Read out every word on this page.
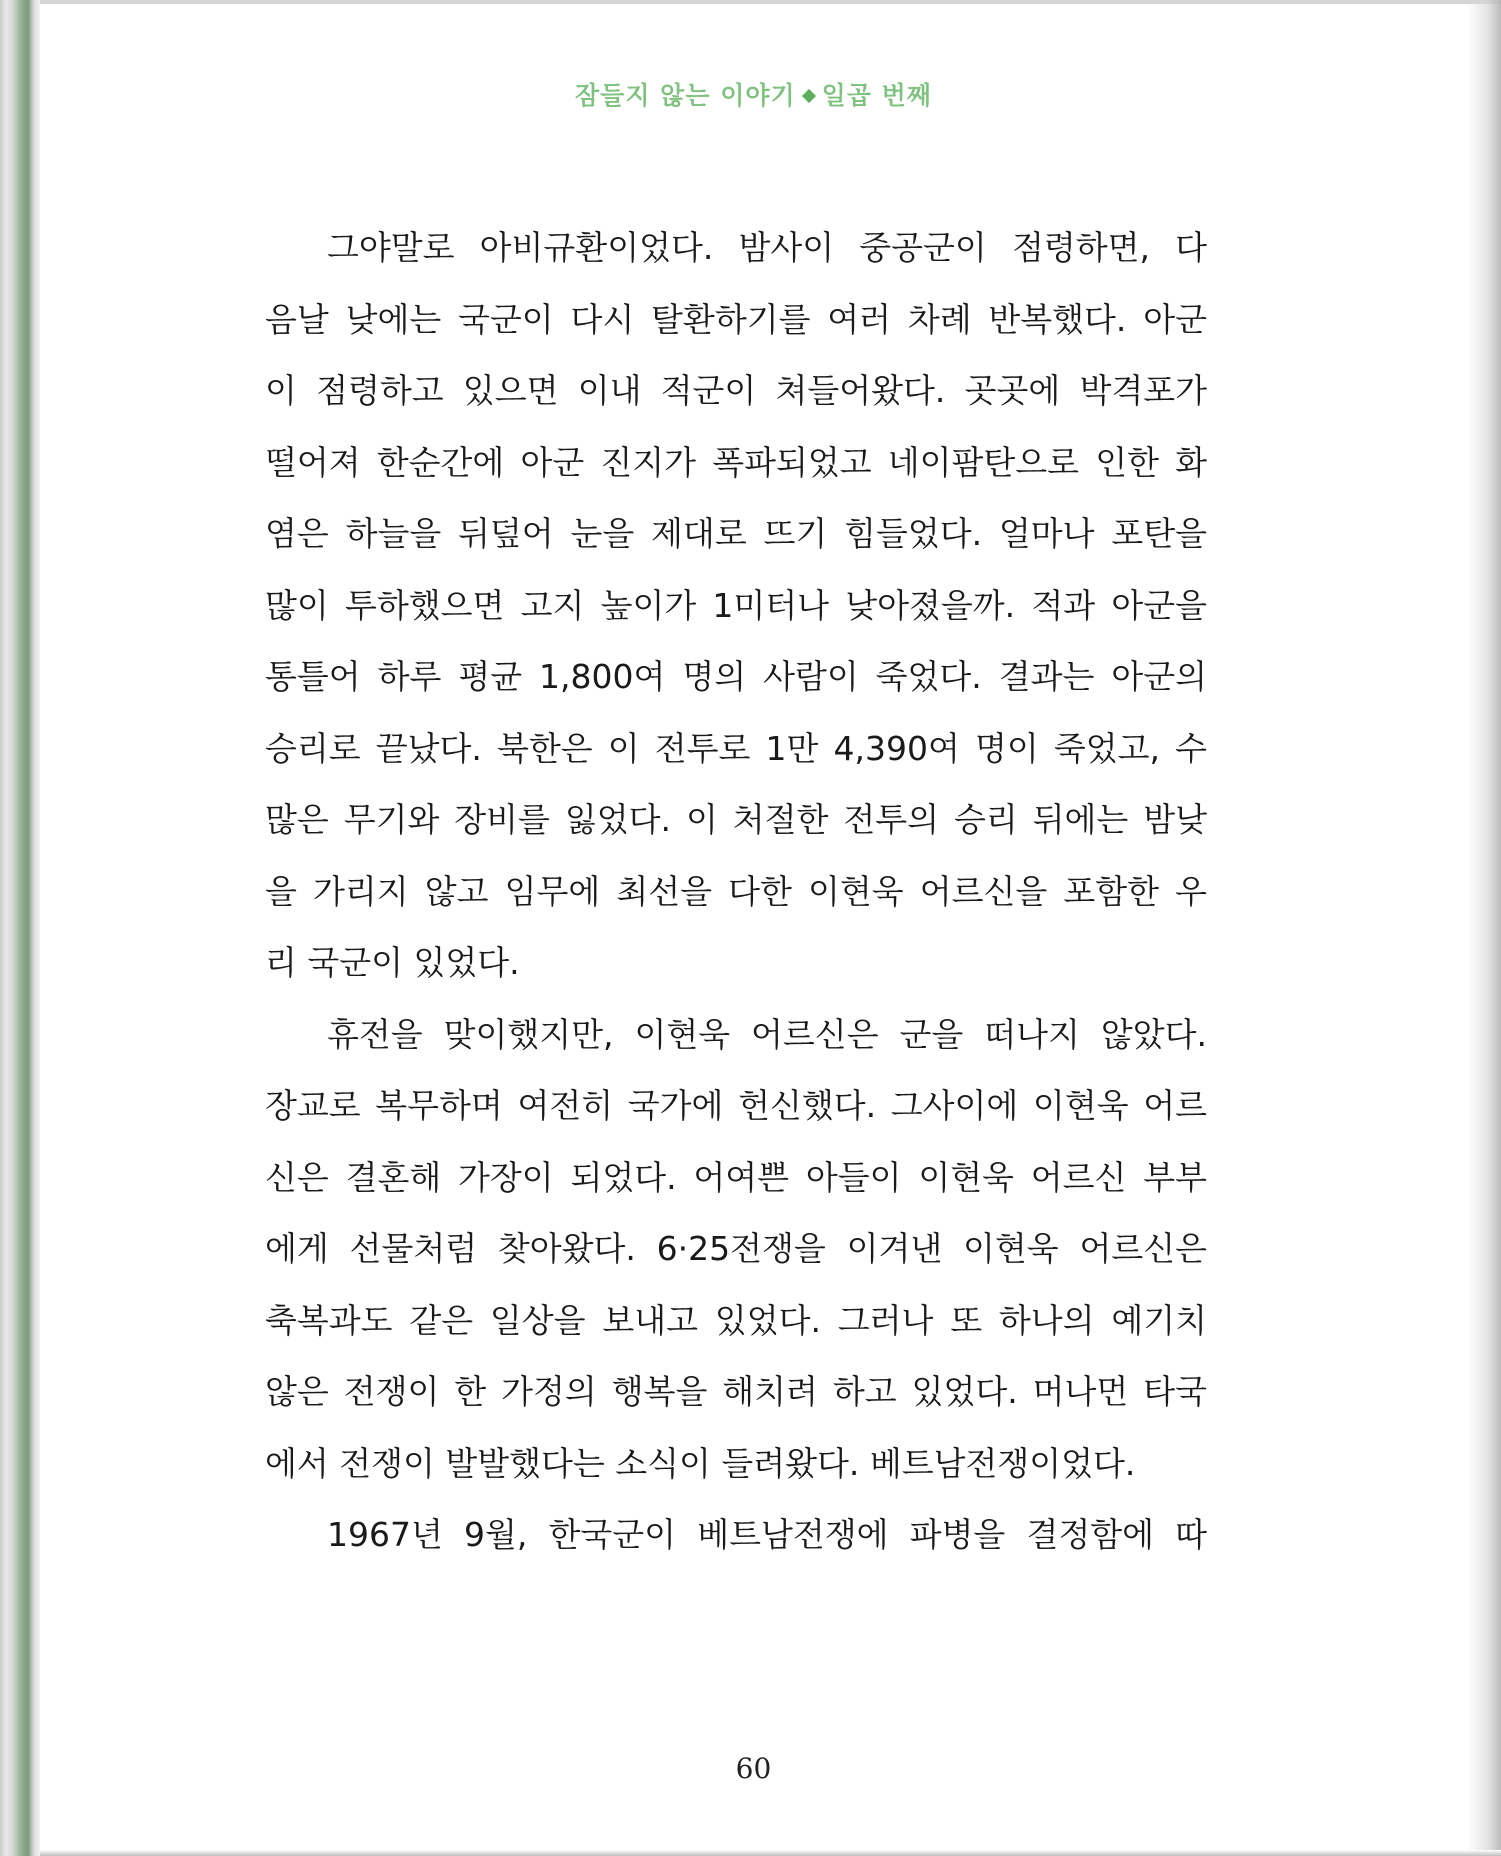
잠들지 않는 이야기 일곱 번째
그야말로 아비규환이었다. 밤사이 중공군이 점령하면, 다
음날 낮에는 국군이 다시 탈환하기를 여러 차례 반복했다. 아군
이 점령하고 있으면 이내 적군이 쳐들어왔다. 곳곳에 박격포가
떨어져 한순간에 아군 진지가 폭파되었고 네이팜탄으로 인한 화
염은 하늘을 뒤덮어 눈을 제대로 뜨기 힘들었다. 얼마나 포탄을
많이 투하했으면 고지 높이가 1미터나 낮아졌을까. 적과 아군을
통틀어 하루 평균 1,800여 명의 사람이 죽었다. 결과는 아군의
승리로 끝났다. 북한은 이 전투로 1만 4,390여 명이 죽었고, 수
많은 무기와 장비를 잃었다. 이 처절한 전투의 승리 뒤에는 밤낮
을 가리지 않고 임무에 최선을 다한 이현욱 어르신을 포함한 우
리 국군이 있었다.
휴전을 맞이했지만, 이현욱 어르신은 군을 떠나지 않았다.
장교로 복무하며 여전히 국가에 헌신했다. 그사이에 이현욱 어르
신은 결혼해 가장이 되었다. 어여쁜 아들이 이현욱 어르신 부부
에게 선물처럼 찾아왔다. 6·25전쟁을 이겨낸 이현욱 어르신은
축복과도 같은 일상을 보내고 있었다. 그러나 또 하나의 예기치
않은 전쟁이 한 가정의 행복을 해치려 하고 있었다. 머나먼 타국
에서 전쟁이 발발했다는 소식이 들려왔다. 베트남전쟁이었다.
1967년 9월, 한국군이 베트남전쟁에 파병을 결정함에 따
60
